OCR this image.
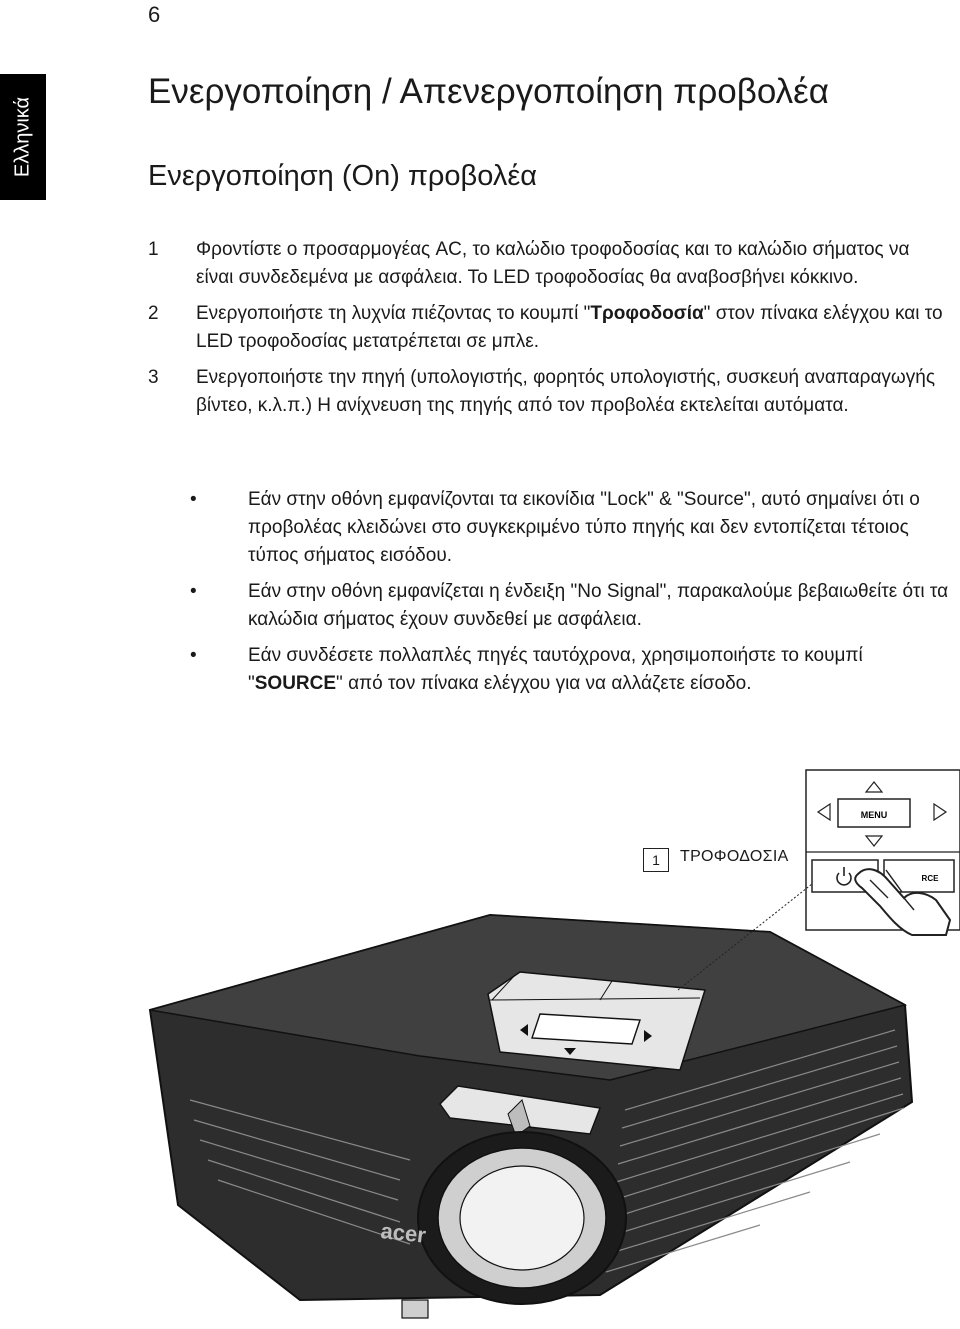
6
Ελληνικά
Ενεργοποίηση / Απενεργοποίηση προβολέα
Ενεργοποίηση (On) προβολέα
1	Φροντίστε ο προσαρμογέας AC, το καλώδιο τροφοδοσίας και το καλώδιο σήματος να είναι συνδεδεμένα με ασφάλεια. Το LED τροφοδοσίας θα αναβοσβήνει κόκκινο.
2	Ενεργοποιήστε τη λυχνία πιέζοντας το κουμπί "Τροφοδοσία" στον πίνακα ελέγχου και το LED τροφοδοσίας μετατρέπεται σε μπλε.
3	Ενεργοποιήστε την πηγή (υπολογιστής, φορητός υπολογιστής, συσκευή αναπαραγωγής βίντεο, κ.λ.π.) Η ανίχνευση της πηγής από τον προβολέα εκτελείται αυτόματα.
•	Εάν στην οθόνη εμφανίζονται τα εικονίδια "Lock" & "Source", αυτό σημαίνει ότι ο προβολέας κλειδώνει στο συγκεκριμένο τύπο πηγής και δεν εντοπίζεται τέτοιος τύπος σήματος εισόδου.
•	Εάν στην οθόνη εμφανίζεται η ένδειξη "No Signal", παρακαλούμε βεβαιωθείτε ότι τα καλώδια σήματος έχουν συνδεθεί με ασφάλεια.
•	Εάν συνδέσετε πολλαπλές πηγές ταυτόχρονα, χρησιμοποιήστε το κουμπί "SOURCE" από τον πίνακα ελέγχου για να αλλάζετε είσοδο.
MENU
RCE
acer
1	ΤΡΟΦΟΔΟΣΙΑ
